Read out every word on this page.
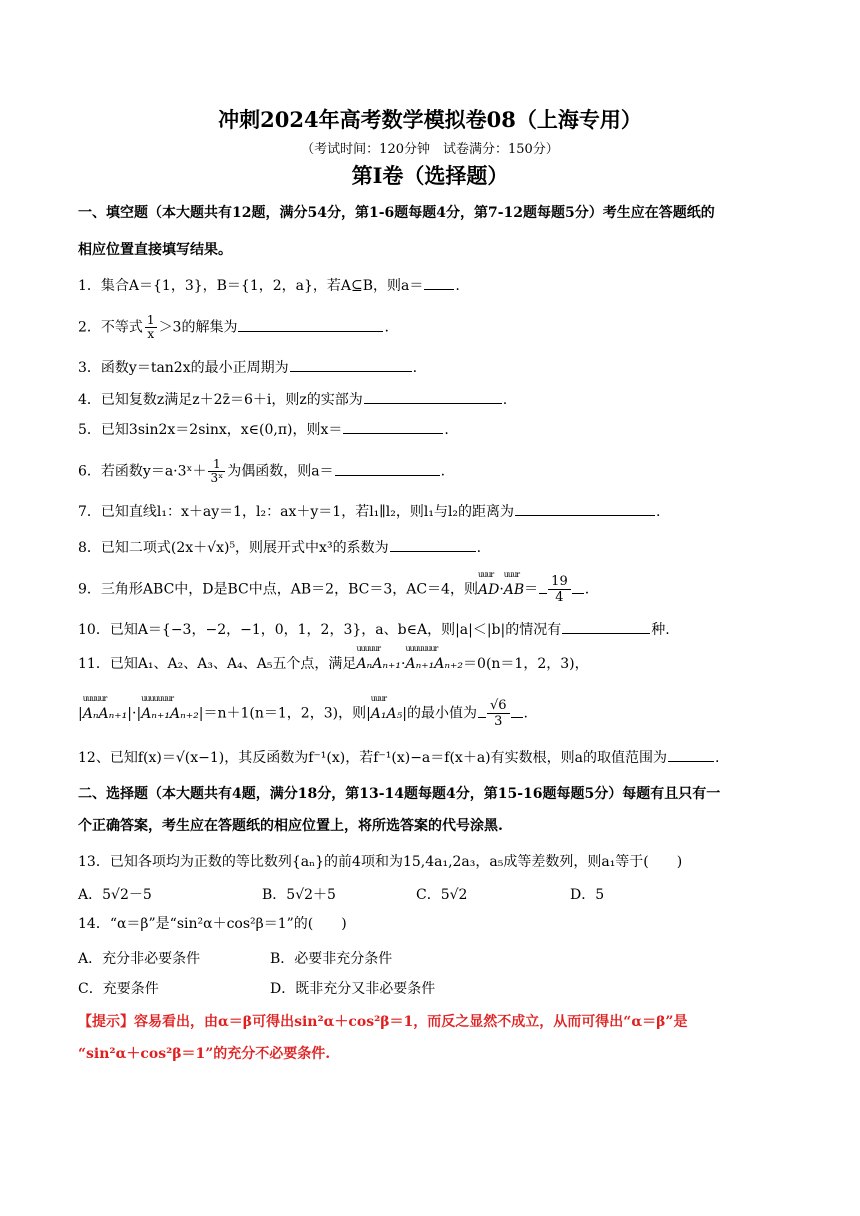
冲刺2024年高考数学模拟卷08（上海专用）
（考试时间：120分钟　试卷满分：150分）
第I卷（选择题）
一、填空题（本大题共有12题，满分54分，第1-6题每题4分，第7-12题每题5分）考生应在答题纸的
相应位置直接填写结果。
1．集合A＝{1，3}，B＝{1，2，a}，若A⊆B，则a＝ .
2．不等式 $\frac{1}{x} >3$的解集为	.
3．函数y＝tan2x的最小正周期为	.
4．已知复数z满足z＋2z̄＝6＋i，则z的实部为	.
5．已知3sin2x＝2sinx，x∈(0,π)，则x＝	.
6．若函数y＝a·3ˣ＋ $\frac{1}{\text{3ˣ}}$ 为偶函数，则a＝	.
7．已知直线l₁：x＋ay＝1，l₂：ax＋y＝1，若l₁∥l₂，则l₁与l₂的距离为	.
8．已知二项式(2x＋√x)⁵，则展开式中x³的系数为	.
9．三角形ABC中，D是BC中点，AB＝2，BC＝3，AC＝4，则
uuur
AD·
uuur
$AB= \frac{19}{4}$ .
10．已知A＝{−3，−2，−1，0，1，2，3}，a、b∈A，则|a|＜|b|的情况有	种.
11．已知A₁、A₂、A₃、A₄、A₅五个点，满足
uuuuur
AₙAₙ₊₁·
uuuuuuur
Aₙ₊₁Aₙ₊₂＝0(n＝1，2，3)，
|
uuuuur
AₙAₙ₊₁|·|
uuuuuuur
Aₙ₊₁Aₙ₊₂|＝n＋1(n＝1，2，3)，则|
uuur
A₁A₅|的最小值为 $\frac{√6}{3}$ .
12、已知f(x)＝√(x−1)，其反函数为f⁻¹(x)，若f⁻¹(x)−a＝f(x＋a)有实数根，则a的取值范围为	.
二、选择题（本大题共有4题，满分18分，第13-14题每题4分，第15-16题每题5分）每题有且只有一
个正确答案，考生应在答题纸的相应位置上，将所选答案的代号涂黑.
13．已知各项均为正数的等比数列{aₙ}的前4项和为15,4a₁,2a₃，a₅成等差数列，则a₁等于(　　)
A．5√2－5	B．5√2＋5	C．5√2	D．5
14．“α＝β”是“sin²α＋cos²β＝1”的(　　)
A．充分非必要条件	B．必要非充分条件
C．充要条件	D．既非充分又非必要条件
【提示】容易看出，由α＝β可得出sin²α＋cos²β＝1，而反之显然不成立，从而可得出“α＝β”是
“sin²α＋cos²β＝1”的充分不必要条件.
